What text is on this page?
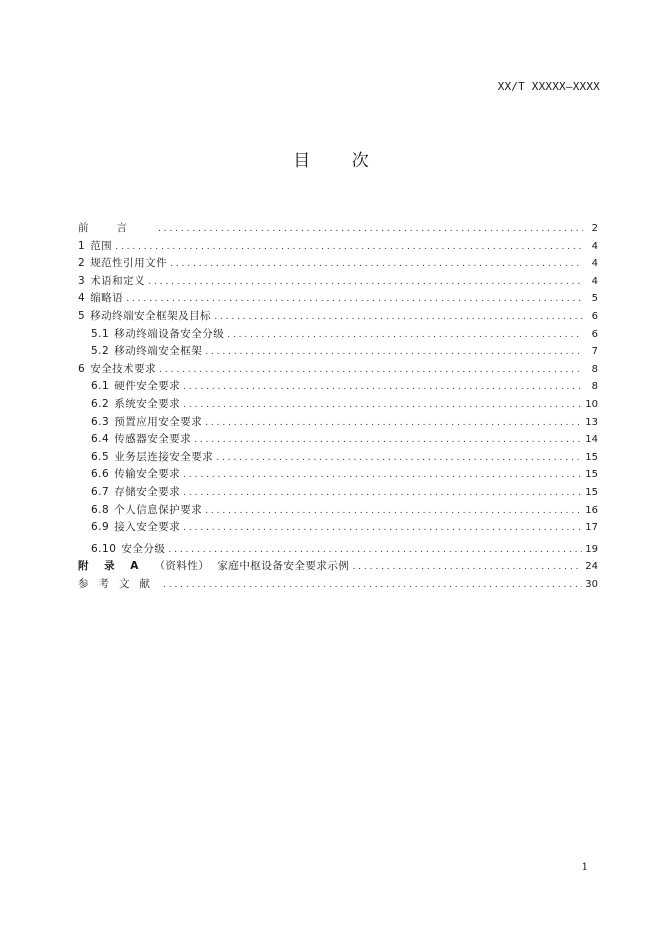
XX/T XXXXX—XXXX
目 次
前言 . . .	2
1 范围 . . .	4
2 规范性引用文件 . . .	4
3 术语和定义 . . .	4
4 缩略语 . . .	5
5 移动终端安全框架及目标 . . .	6
5.1 移动终端设备安全分级 . . .	6
5.2 移动终端安全框架 . . .	7
6 安全技术要求 . . .	8
6.1 硬件安全要求 . . .	8
6.2 系统安全要求 . . .	10
6.3 预置应用安全要求 . . .	13
6.4 传感器安全要求 . . .	14
6.5 业务层连接安全要求 . . .	15
6.6 传输安全要求 . . .	15
6.7 存储安全要求 . . .	15
6.8 个人信息保护要求 . . .	16
6.9 接入安全要求 . . .	17
6.10 安全分级 . . .	19
附 录 A （资料性） 家庭中枢设备安全要求示例 . . .	24
参考文献 . . .	30
1
